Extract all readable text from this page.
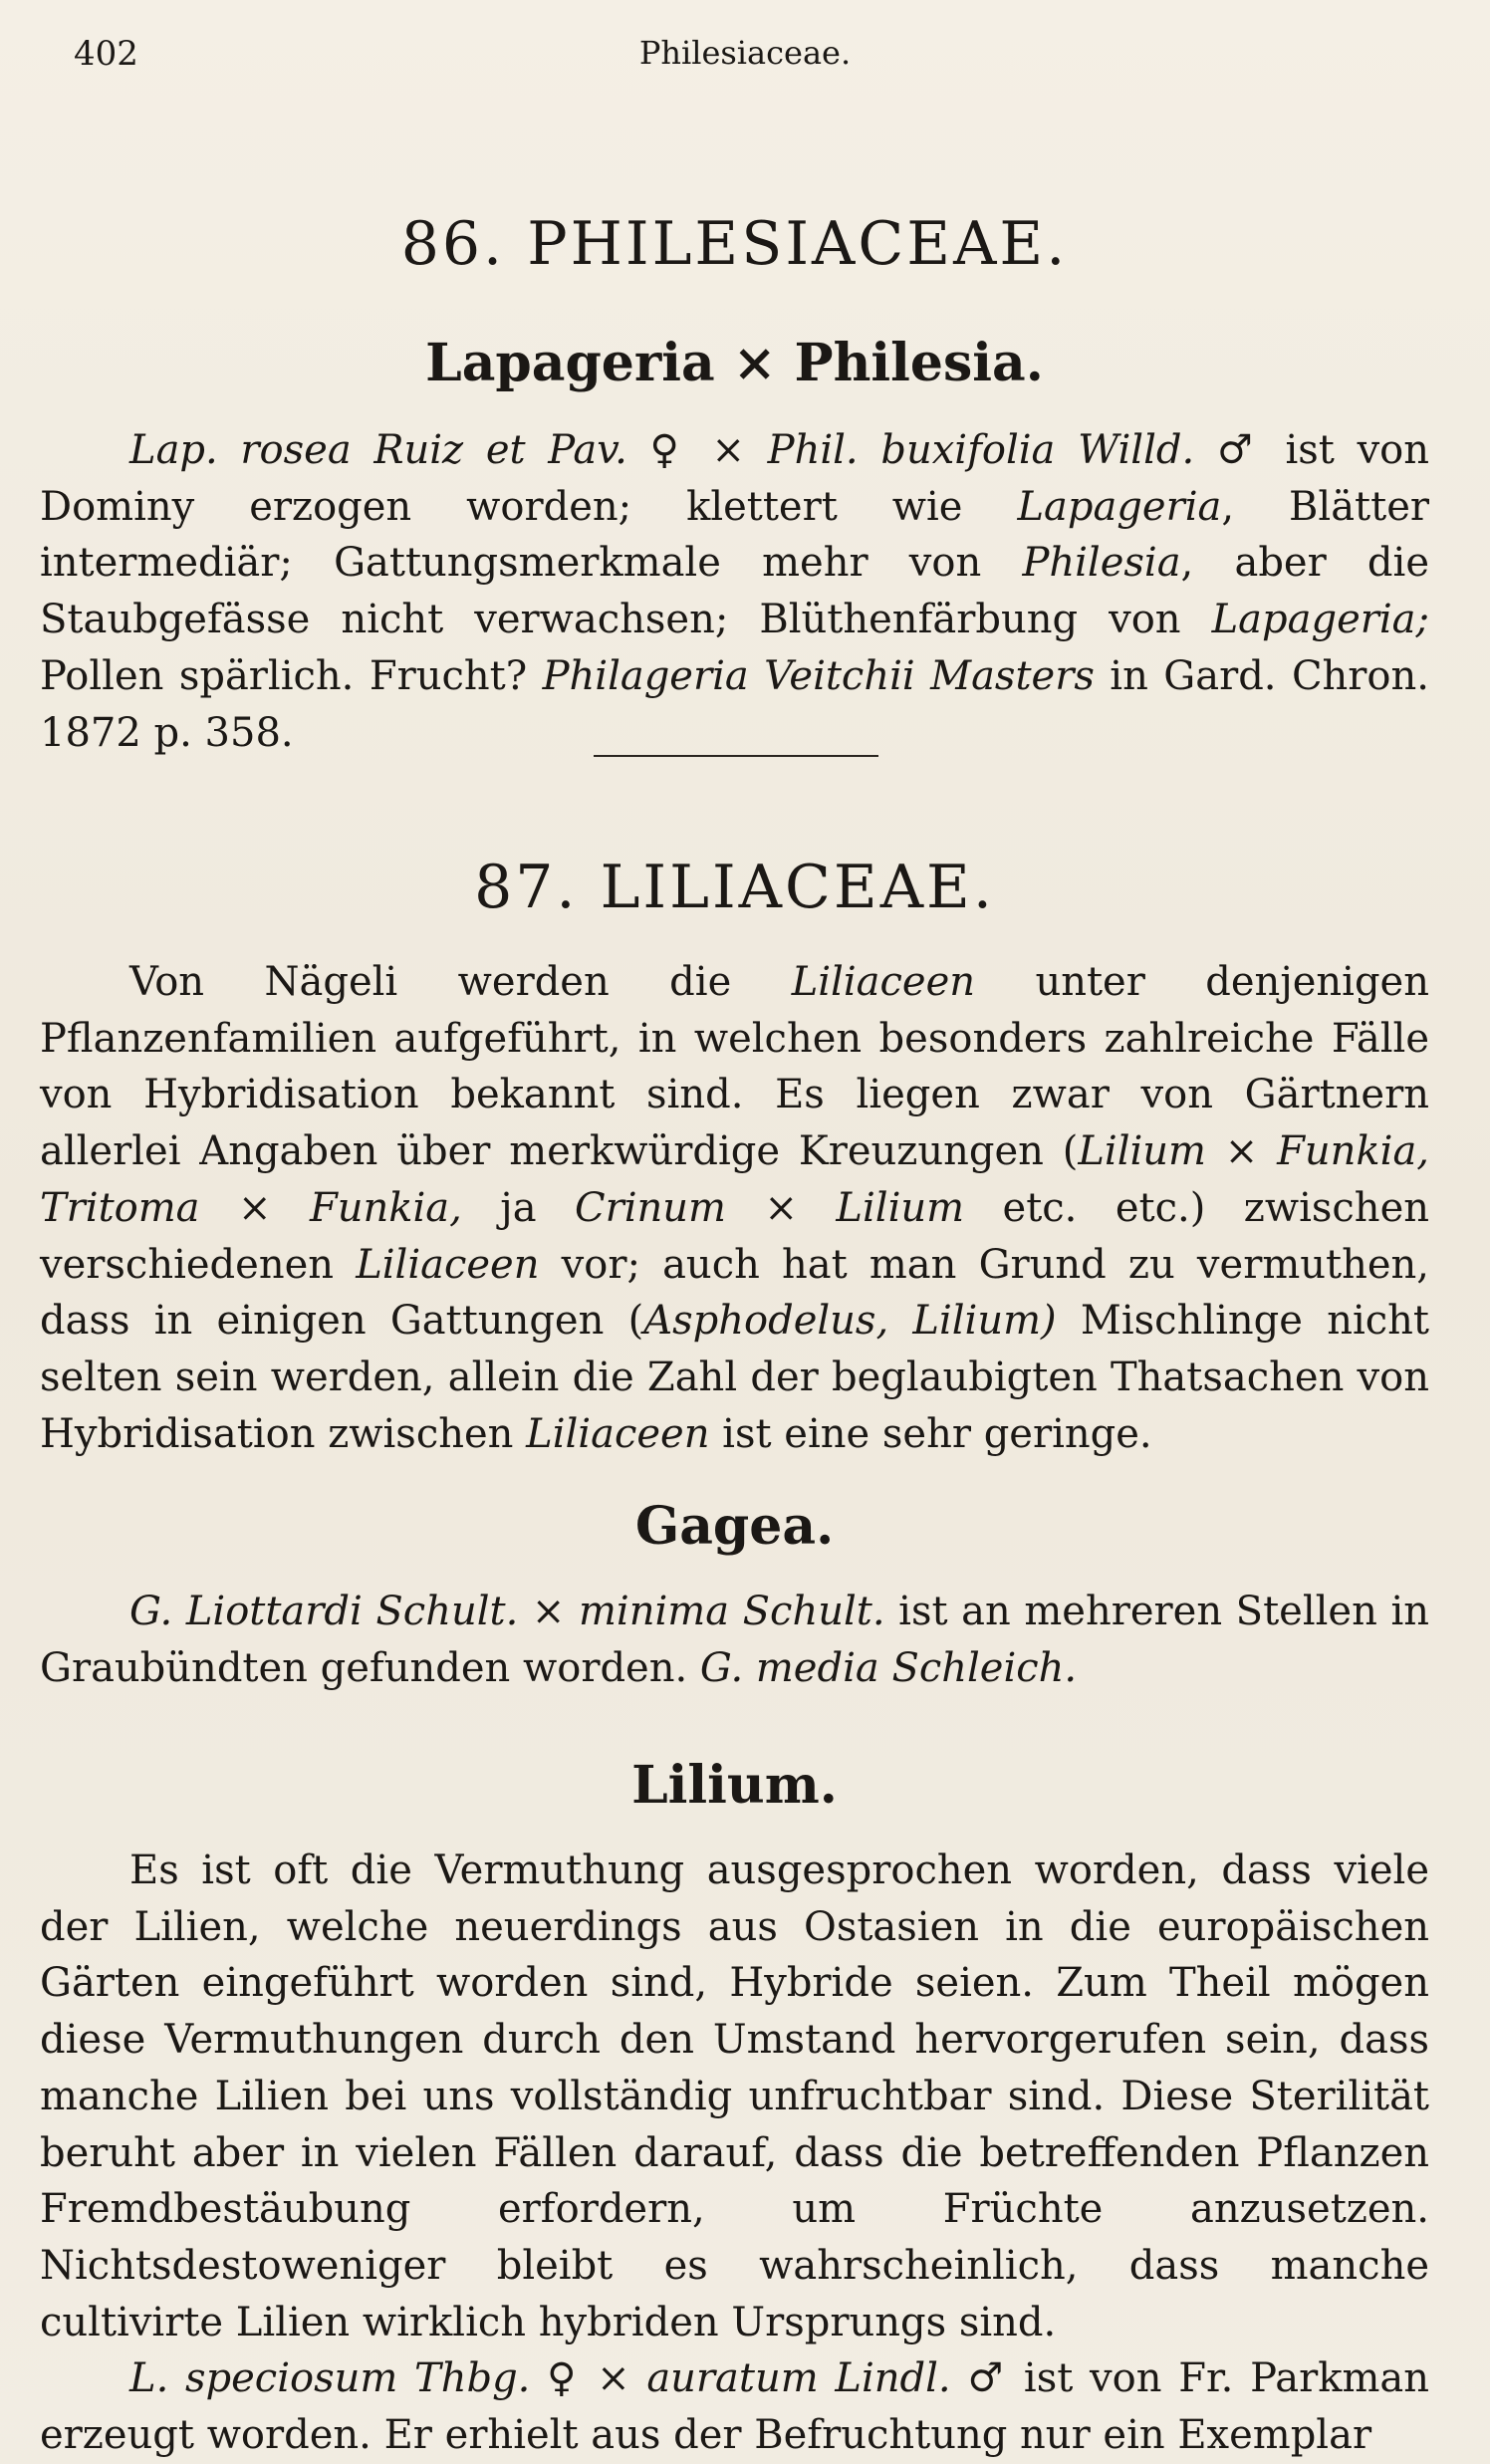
402	Philesiaceae.
86. PHILESIACEAE.
Lapageria × Philesia.

Lap. rosea Ruiz et Pav. ♀ × Phil. buxifolia Willd. ♂ ist von Dominy erzogen worden; klettert wie Lapageria, Blätter intermediär; Gattungsmerkmale mehr von Philesia, aber die Staubgefässe nicht verwachsen; Blüthenfärbung von Lapageria; Pollen spärlich. Frucht? Philageria Veitchii Masters in Gard. Chron. 1872 p. 358.

87. LILIACEAE.

Von Nägeli werden die Liliaceen unter denjenigen Pflanzenfamilien aufgeführt, in welchen besonders zahlreiche Fälle von Hybridisation bekannt sind. Es liegen zwar von Gärtnern allerlei Angaben über merkwürdige Kreuzungen (Lilium × Funkia, Tritoma × Funkia, ja Crinum × Lilium etc. etc.) zwischen verschiedenen Liliaceen vor; auch hat man Grund zu vermuthen, dass in einigen Gattungen (Asphodelus, Lilium) Mischlinge nicht selten sein werden, allein die Zahl der beglaubigten Thatsachen von Hybridisation zwischen Liliaceen ist eine sehr geringe.

Gagea.

G. Liottardi Schult. × minima Schult. ist an mehreren Stellen in Graubündten gefunden worden. G. media Schleich.

Lilium.

Es ist oft die Vermuthung ausgesprochen worden, dass viele der Lilien, welche neuerdings aus Ostasien in die europäischen Gärten eingeführt worden sind, Hybride seien. Zum Theil mögen diese Vermuthungen durch den Umstand hervorgerufen sein, dass manche Lilien bei uns vollständig unfruchtbar sind. Diese Sterilität beruht aber in vielen Fällen darauf, dass die betreffenden Pflanzen Fremdbestäubung erfordern, um Früchte anzusetzen. Nichtsdestoweniger bleibt es wahrscheinlich, dass manche cultivirte Lilien wirklich hybriden Ursprungs sind.

L. speciosum Thbg. ♀ × auratum Lindl. ♂ ist von Fr. Parkman erzeugt worden. Er erhielt aus der Befruchtung nur ein Exemplar
